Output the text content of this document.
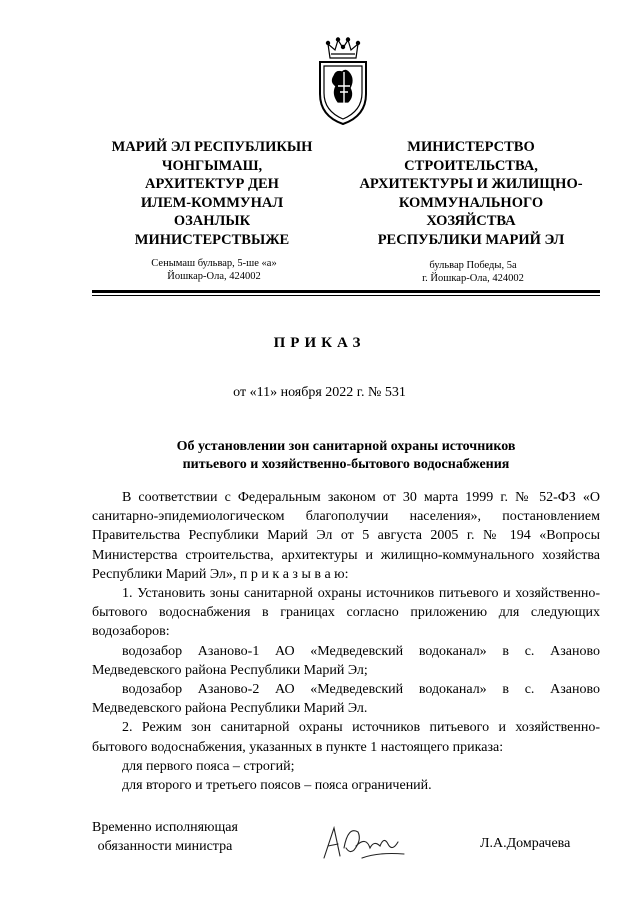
МАРИЙ ЭЛ РЕСПУБЛИКЫН
ЧОНГЫМАШ,
АРХИТЕКТУР ДЕН
ИЛЕМ-КОММУНАЛ
ОЗАНЛЫК
МИНИСТЕРСТВЫЖЕ
МИНИСТЕРСТВО
СТРОИТЕЛЬСТВА,
АРХИТЕКТУРЫ И ЖИЛИЩНО-
КОММУНАЛЬНОГО
ХОЗЯЙСТВА
РЕСПУБЛИКИ МАРИЙ ЭЛ
Сенымаш бульвар, 5-ше «а»
Йошкар-Ола, 424002
бульвар Победы, 5а
г. Йошкар-Ола, 424002
ПРИКАЗ
от «11» ноября 2022 г. № 531
Об установлении зон санитарной охраны источников
питьевого и хозяйственно-бытового водоснабжения

В соответствии с Федеральным законом от 30 марта 1999 г. № 52-ФЗ «О санитарно-эпидемиологическом благополучии населения», постановлением Правительства Республики Марий Эл от 5 августа 2005 г. № 194 «Вопросы Министерства строительства, архитектуры и жилищно-коммунального хозяйства Республики Марий Эл», п р и к а з ы в а ю:

1. Установить зоны санитарной охраны источников питьевого и хозяйственно-бытового водоснабжения в границах согласно приложению для следующих водозаборов:

водозабор Азаново-1 АО «Медведевский водоканал» в с. Азаново Медведевского района Республики Марий Эл;

водозабор Азаново-2 АО «Медведевский водоканал» в с. Азаново Медведевского района Республики Марий Эл.

2. Режим зон санитарной охраны источников питьевого и хозяйственно-бытового водоснабжения, указанных в пункте 1 настоящего приказа:

для первого пояса – строгий;

для второго и третьего поясов – пояса ограничений.

Временно исполняющая
обязанности министра	Л.А.Домрачева
